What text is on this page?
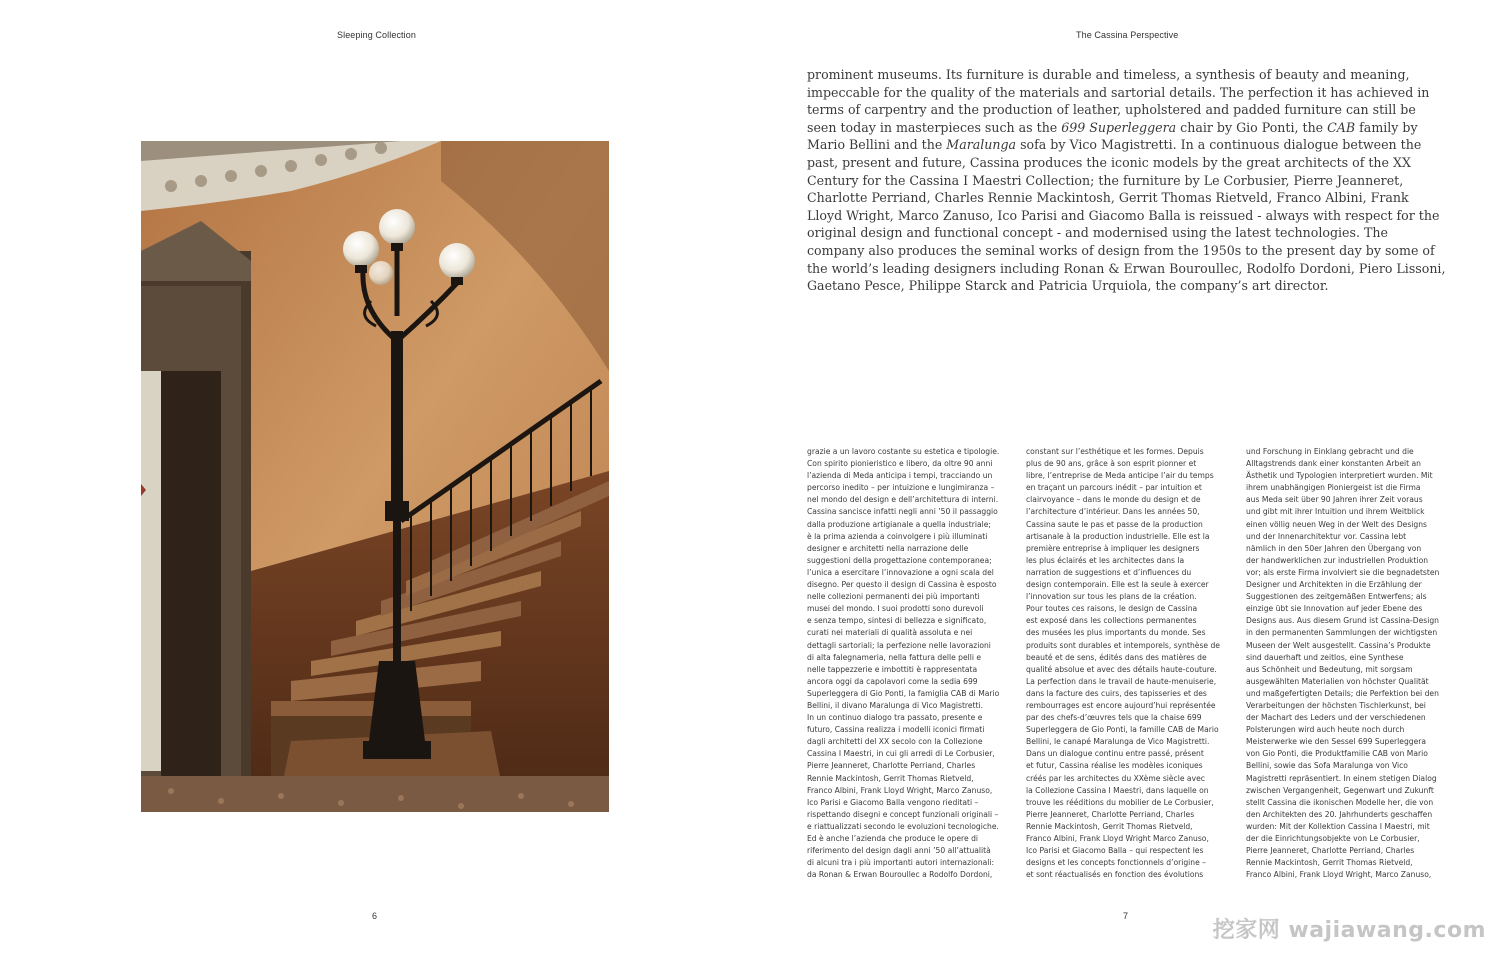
Sleeping Collection
6
The Cassina Perspective

prominent museums. Its furniture is durable and timeless, a synthesis of beauty and meaning, impeccable for the quality of the materials and sartorial details. The perfection it has achieved in terms of carpentry and the production of leather, upholstered and padded furniture can still be seen today in masterpieces such as the 699 Superleggera chair by Gio Ponti, the CAB family by Mario Bellini and the Maralunga sofa by Vico Magistretti. In a continuous dialogue between the past, present and future, Cassina produces the iconic models by the great architects of the XX Century for the Cassina I Maestri Collection; the furniture by Le Corbusier, Pierre Jeanneret, Charlotte Perriand, Charles Rennie Mackintosh, Gerrit Thomas Rietveld, Franco Albini, Frank Lloyd Wright, Marco Zanuso, Ico Parisi and Giacomo Balla is reissued - always with respect for the original design and functional concept - and modernised using the latest technologies. The company also produces the seminal works of design from the 1950s to the present day by some of the world’s leading designers including Ronan & Erwan Bouroullec, Rodolfo Dordoni, Piero Lissoni, Gaetano Pesce, Philippe Starck and Patricia Urquiola, the company’s art director.

grazie a un lavoro costante su estetica e tipologie.
Con spirito pionieristico e libero, da oltre 90 anni
l’azienda di Meda anticipa i tempi, tracciando un
percorso inedito – per intuizione e lungimiranza –
nel mondo del design e dell’architettura di interni.
Cassina sancisce infatti negli anni ’50 il passaggio
dalla produzione artigianale a quella industriale;
è la prima azienda a coinvolgere i più illuminati
designer e architetti nella narrazione delle
suggestioni della progettazione contemporanea;
l’unica a esercitare l’innovazione a ogni scala del
disegno. Per questo il design di Cassina è esposto
nelle collezioni permanenti dei più importanti
musei del mondo. I suoi prodotti sono durevoli
e senza tempo, sintesi di bellezza e significato,
curati nei materiali di qualità assoluta e nei
dettagli sartoriali; la perfezione nelle lavorazioni
di alta falegnameria, nella fattura delle pelli e
nelle tappezzerie e imbottiti è rappresentata
ancora oggi da capolavori come la sedia 699
Superleggera di Gio Ponti, la famiglia CAB di Mario
Bellini, il divano Maralunga di Vico Magistretti.
In un continuo dialogo tra passato, presente e
futuro, Cassina realizza i modelli iconici firmati
dagli architetti del XX secolo con la Collezione
Cassina I Maestri, in cui gli arredi di Le Corbusier,
Pierre Jeanneret, Charlotte Perriand, Charles
Rennie Mackintosh, Gerrit Thomas Rietveld,
Franco Albini, Frank Lloyd Wright, Marco Zanuso,
Ico Parisi e Giacomo Balla vengono rieditati –
rispettando disegni e concept funzionali originali –
e riattualizzati secondo le evoluzioni tecnologiche.
Ed è anche l’azienda che produce le opere di
riferimento del design dagli anni ’50 all’attualità
di alcuni tra i più importanti autori internazionali:
da Ronan & Erwan Bouroullec a Rodolfo Dordoni,
constant sur l’esthétique et les formes. Depuis
plus de 90 ans, grâce à son esprit pionner et
libre, l’entreprise de Meda anticipe l’air du temps
en traçant un parcours inédit – par intuition et
clairvoyance – dans le monde du design et de
l’architecture d’intérieur. Dans les années 50,
Cassina saute le pas et passe de la production
artisanale à la production industrielle. Elle est la
première entreprise à impliquer les designers
les plus éclairés et les architectes dans la
narration de suggestions et d’influences du
design contemporain. Elle est la seule à exercer
l’innovation sur tous les plans de la création.
Pour toutes ces raisons, le design de Cassina
est exposé dans les collections permanentes
des musées les plus importants du monde. Ses
produits sont durables et intemporels, synthèse de
beauté et de sens, édités dans des matières de
qualité absolue et avec des détails haute-couture.
La perfection dans le travail de haute-menuiserie,
dans la facture des cuirs, des tapisseries et des
rembourrages est encore aujourd’hui représentée
par des chefs-d’œuvres tels que la chaise 699
Superleggera de Gio Ponti, la famille CAB de Mario
Bellini, le canapé Maralunga de Vico Magistretti.
Dans un dialogue continu entre passé, présent
et futur, Cassina réalise les modèles iconiques
créés par les architectes du XXème siècle avec
la Collezione Cassina I Maestri, dans laquelle on
trouve les rééditions du mobilier de Le Corbusier,
Pierre Jeanneret, Charlotte Perriand, Charles
Rennie Mackintosh, Gerrit Thomas Rietveld,
Franco Albini, Frank Lloyd Wright Marco Zanuso,
Ico Parisi et Giacomo Balla – qui respectent les
designs et les concepts fonctionnels d’origine –
et sont réactualisés en fonction des évolutions
und Forschung in Einklang gebracht und die
Alltagstrends dank einer konstanten Arbeit an
Ästhetik und Typologien interpretiert wurden. Mit
ihrem unabhängigen Pioniergeist ist die Firma
aus Meda seit über 90 Jahren ihrer Zeit voraus
und gibt mit ihrer Intuition und ihrem Weitblick
einen völlig neuen Weg in der Welt des Designs
und der Innenarchitektur vor. Cassina lebt
nämlich in den 50er Jahren den Übergang von
der handwerklichen zur industriellen Produktion
vor; als erste Firma involviert sie die begnadetsten
Designer und Architekten in die Erzählung der
Suggestionen des zeitgemäßen Entwerfens; als
einzige übt sie Innovation auf jeder Ebene des
Designs aus. Aus diesem Grund ist Cassina-Design
in den permanenten Sammlungen der wichtigsten
Museen der Welt ausgestellt. Cassina’s Produkte
sind dauerhaft und zeitlos, eine Synthese
aus Schönheit und Bedeutung, mit sorgsam
ausgewählten Materialien von höchster Qualität
und maßgefertigten Details; die Perfektion bei den
Verarbeitungen der höchsten Tischlerkunst, bei
der Machart des Leders und der verschiedenen
Polsterungen wird auch heute noch durch
Meisterwerke wie den Sessel 699 Superleggera
von Gio Ponti, die Produktfamilie CAB von Mario
Bellini, sowie das Sofa Maralunga von Vico
Magistretti repräsentiert. In einem stetigen Dialog
zwischen Vergangenheit, Gegenwart und Zukunft
stellt Cassina die ikonischen Modelle her, die von
den Architekten des 20. Jahrhunderts geschaffen
wurden: Mit der Kollektion Cassina I Maestri, mit
der die Einrichtungsobjekte von Le Corbusier,
Pierre Jeanneret, Charlotte Perriand, Charles
Rennie Mackintosh, Gerrit Thomas Rietveld,
Franco Albini, Frank Lloyd Wright, Marco Zanuso,
7
挖家网 wajiawang.com
